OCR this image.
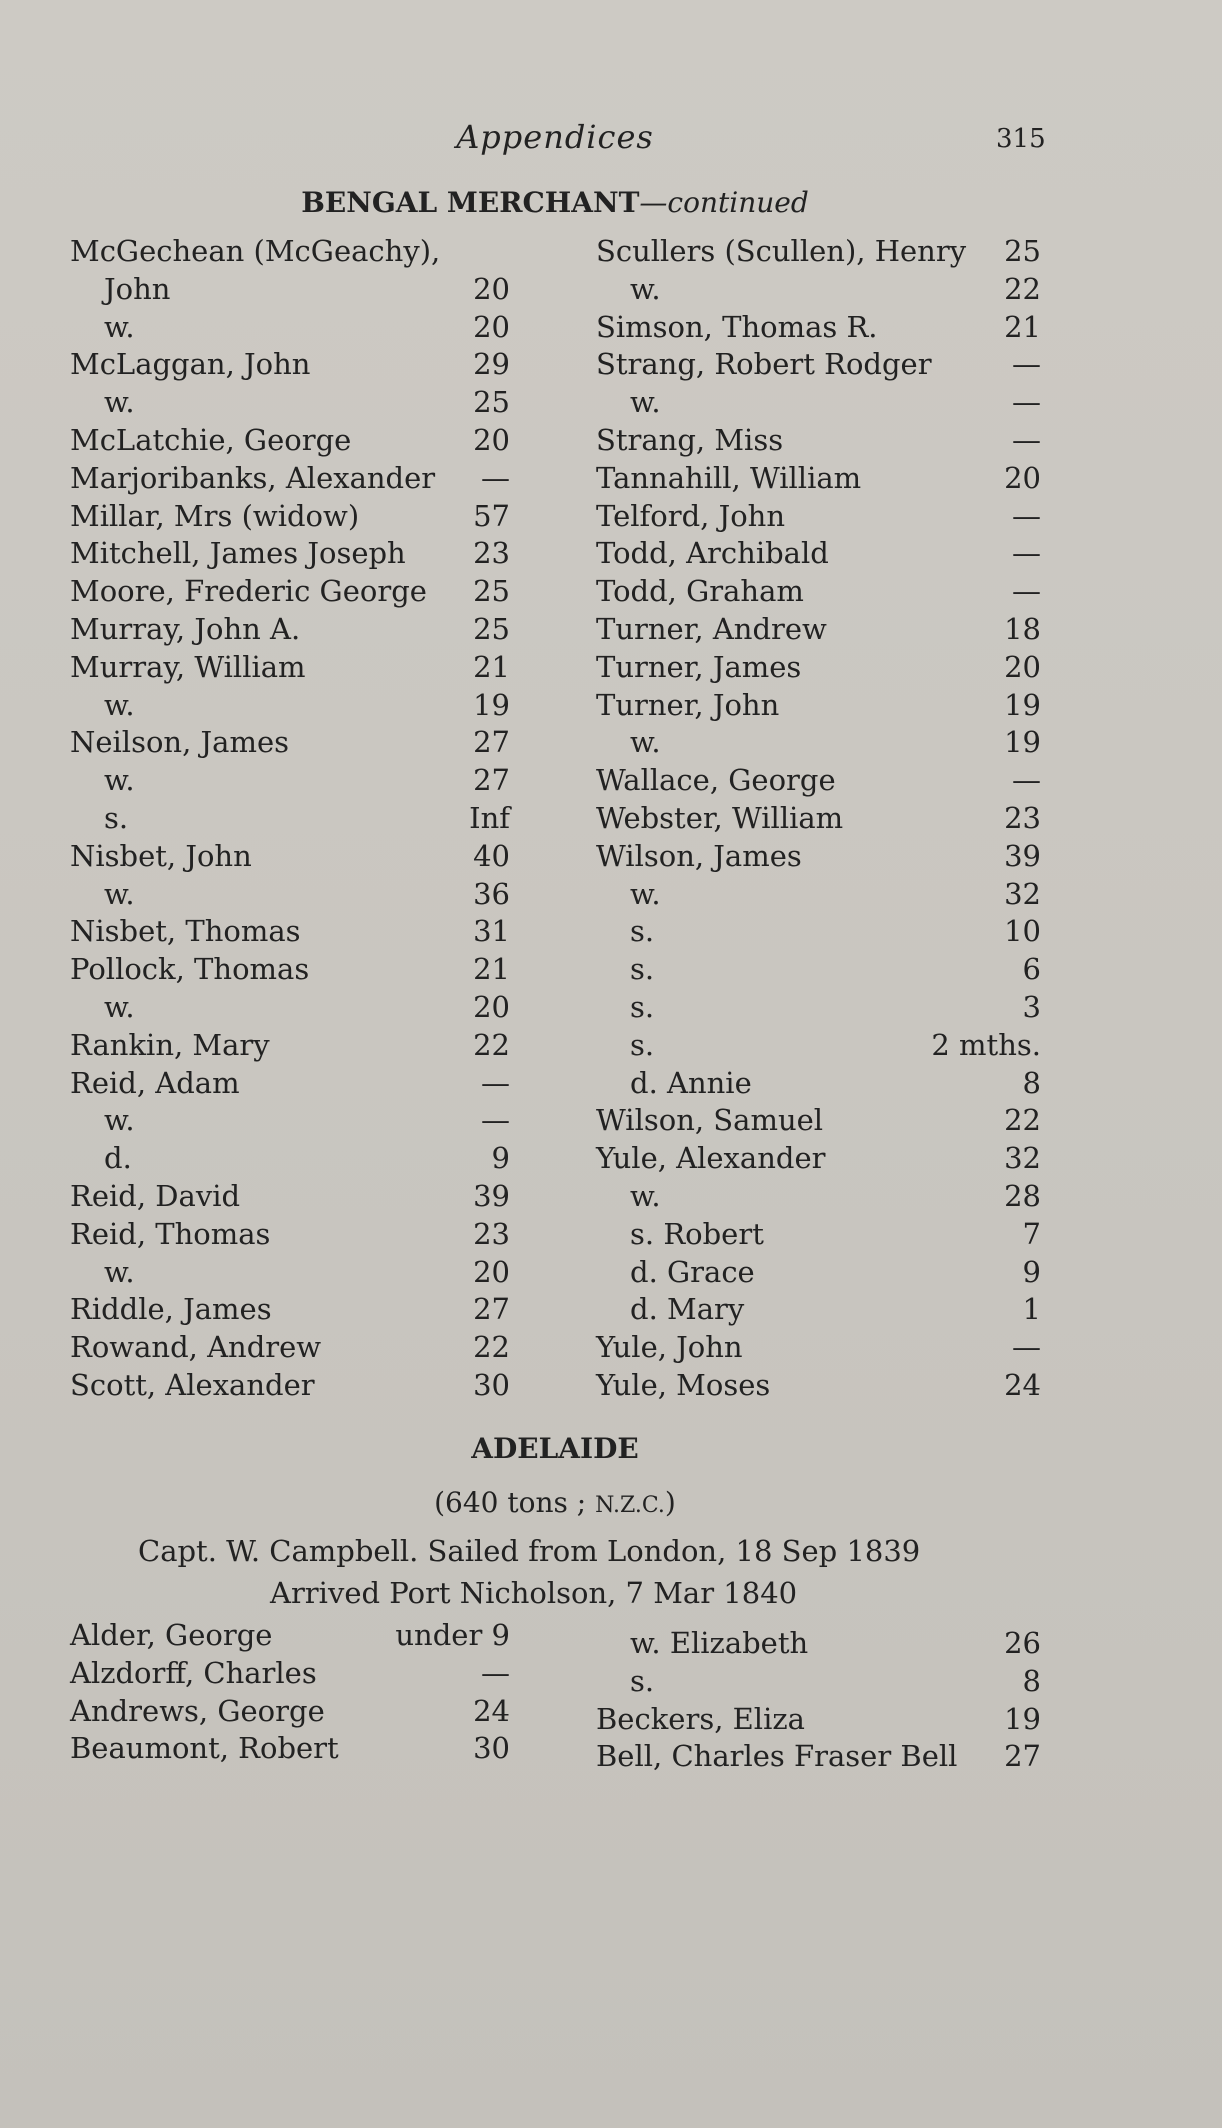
Appendices	315
BENGAL MERCHANT—continued
McGechean (McGeachy),
John	20
w.	20
McLaggan, John	29
w.	25
McLatchie, George	20
Marjoribanks, Alexander —
Millar, Mrs (widow)	57
Mitchell, James Joseph 23
Moore, Frederic George 25
Murray, John A.	25
Murray, William	21
w.	19
Neilson, James	27
w.	27
s.	Inf
Nisbet, John	40
w.	36
Nisbet, Thomas	31
Pollock, Thomas	21
w.	20
Rankin, Mary	22
Reid, Adam	—
w.	—
d.	9
Reid, David	39
Reid, Thomas	23
w.	20
Riddle, James	27
Rowand, Andrew	22
Scott, Alexander	30
Scullers (Scullen), Henry 25
w.	22
Simson, Thomas R.	21
Strang, Robert Rodger	—
w.	—
Strang, Miss	—
Tannahill, William	20
Telford, John	—
Todd, Archibald	—
Todd, Graham	—
Turner, Andrew	18
Turner, James	20
Turner, John	19
w.	19
Wallace, George	—
Webster, William	23
Wilson, James	39
w.	32
s.	10
s.	6
s.	3
s.	2 mths.
d. Annie	8
Wilson, Samuel	22
Yule, Alexander	32
w.	28
s. Robert	7
d. Grace	9
d. Mary	1
Yule, John	—
Yule, Moses	24
ADELAIDE
(640 tons ; N.Z.C.)
Capt. W. Campbell. Sailed from London, 18 Sep 1839
Arrived Port Nicholson, 7 Mar 1840
Alder, George	under 9
Alzdorff, Charles	—
Andrews, George	24
Beaumont, Robert	30
w. Elizabeth	26
s.	8
Beckers, Eliza	19
Bell, Charles Fraser Bell 27
